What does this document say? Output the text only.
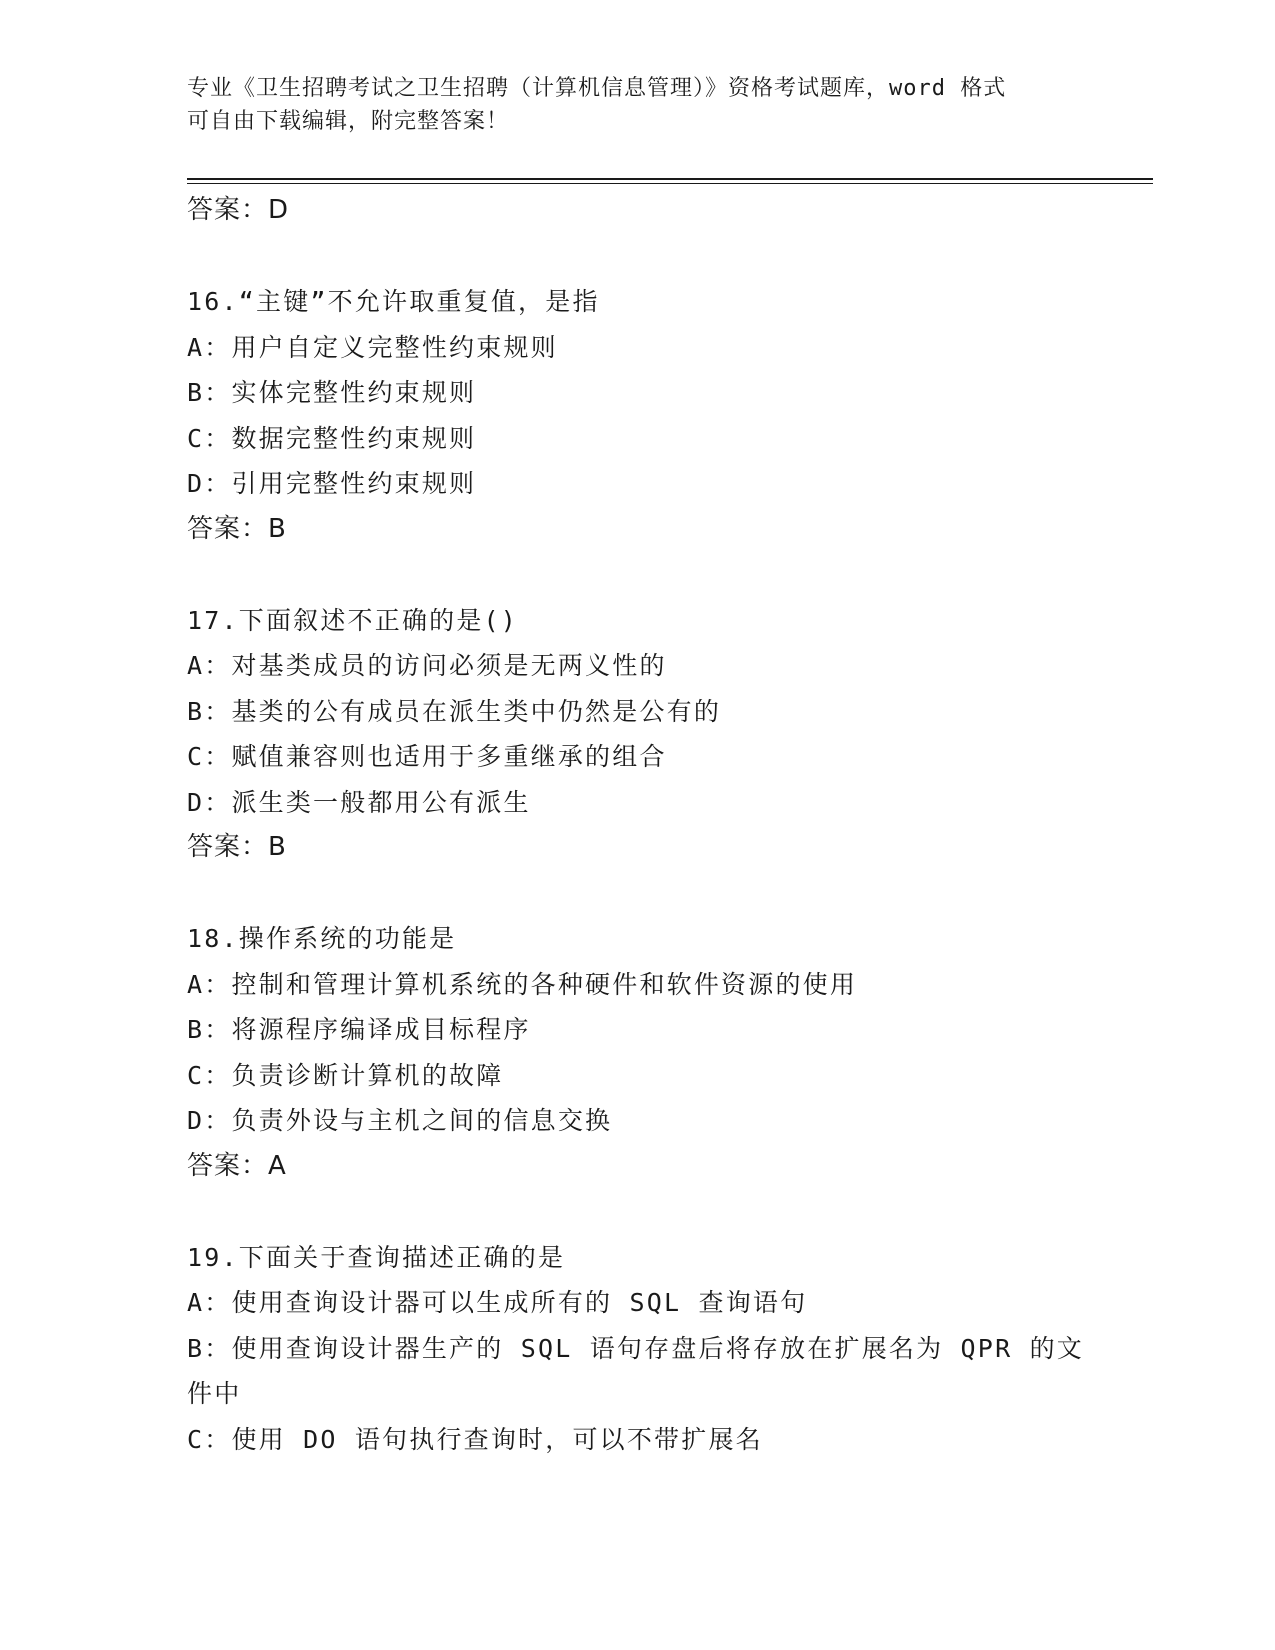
专业《卫生招聘考试之卫生招聘（计算机信息管理）》资格考试题库，word 格式
可自由下载编辑，附完整答案！
答案：D
16.“主键”不允许取重复值，是指
A：用户自定义完整性约束规则
B：实体完整性约束规则
C：数据完整性约束规则
D：引用完整性约束规则
答案：B
17.下面叙述不正确的是()
A：对基类成员的访问必须是无两义性的
B：基类的公有成员在派生类中仍然是公有的
C：赋值兼容则也适用于多重继承的组合
D：派生类一般都用公有派生
答案：B
18.操作系统的功能是
A：控制和管理计算机系统的各种硬件和软件资源的使用
B：将源程序编译成目标程序
C：负责诊断计算机的故障
D：负责外设与主机之间的信息交换
答案：A
19.下面关于查询描述正确的是
A：使用查询设计器可以生成所有的 SQL 查询语句
B：使用查询设计器生产的 SQL 语句存盘后将存放在扩展名为 QPR 的文
件中
C：使用 DO 语句执行查询时，可以不带扩展名
